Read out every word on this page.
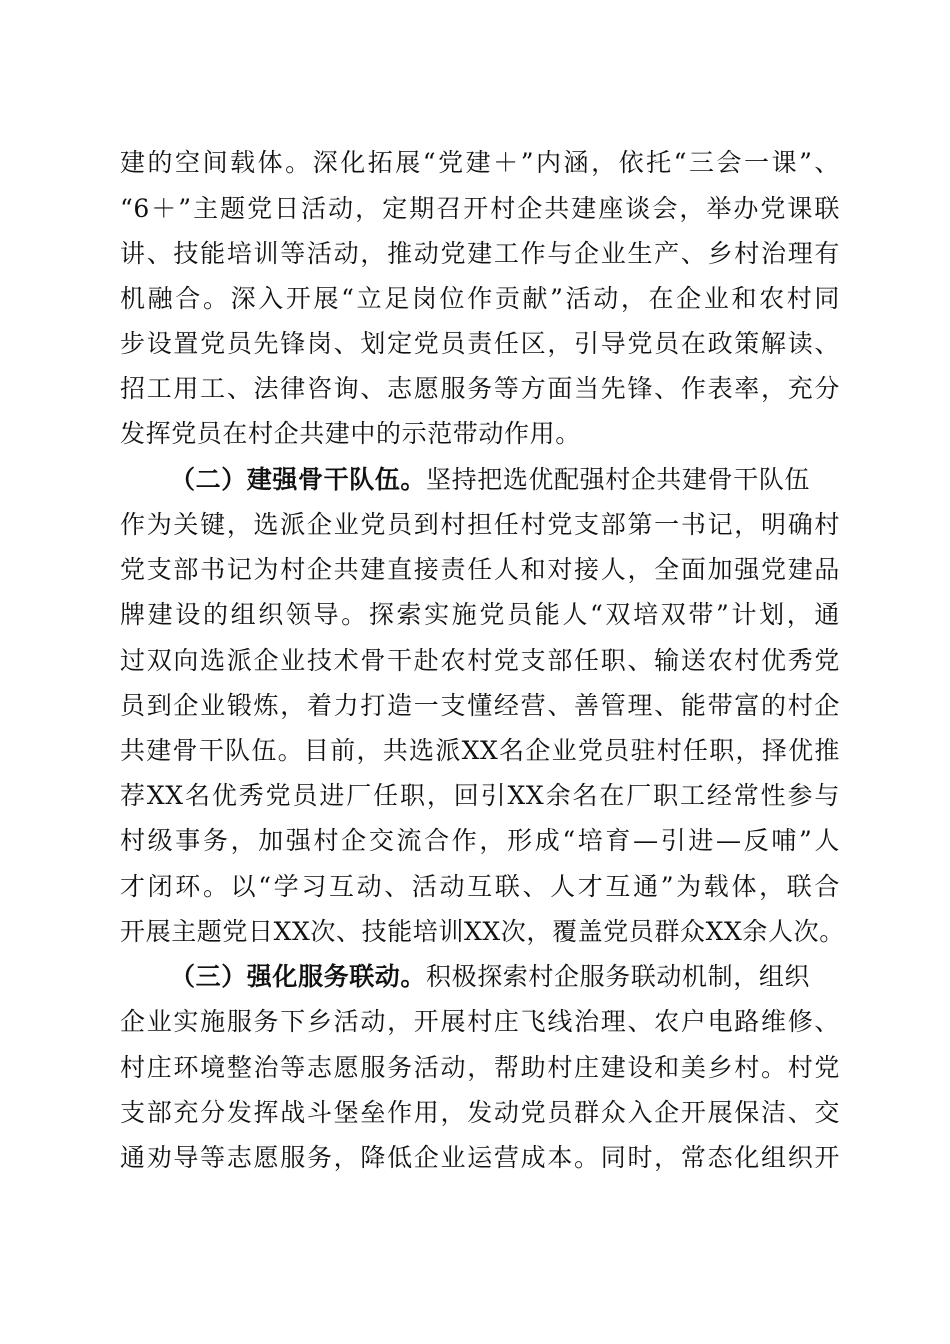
建的空间载体。深化拓展“党建＋”内涵，依托“三会一课”、
“6＋”主题党日活动，定期召开村企共建座谈会，举办党课联
讲、技能培训等活动，推动党建工作与企业生产、乡村治理有
机融合。深入开展“立足岗位作贡献”活动，在企业和农村同
步设置党员先锋岗、划定党员责任区，引导党员在政策解读、
招工用工、法律咨询、志愿服务等方面当先锋、作表率，充分
发挥党员在村企共建中的示范带动作用。
（二）建强骨干队伍。坚持把选优配强村企共建骨干队伍
作为关键，选派企业党员到村担任村党支部第一书记，明确村
党支部书记为村企共建直接责任人和对接人，全面加强党建品
牌建设的组织领导。探索实施党员能人“双培双带”计划，通
过双向选派企业技术骨干赴农村党支部任职、输送农村优秀党
员到企业锻炼，着力打造一支懂经营、善管理、能带富的村企
共建骨干队伍。目前，共选派XX名企业党员驻村任职，择优推
荐XX名优秀党员进厂任职，回引XX余名在厂职工经常性参与
村级事务，加强村企交流合作，形成“培育—引进—反哺”人
才闭环。以“学习互动、活动互联、人才互通”为载体，联合
开展主题党日XX次、技能培训XX次，覆盖党员群众XX余人次。
（三）强化服务联动。积极探索村企服务联动机制，组织
企业实施服务下乡活动，开展村庄飞线治理、农户电路维修、
村庄环境整治等志愿服务活动，帮助村庄建设和美乡村。村党
支部充分发挥战斗堡垒作用，发动党员群众入企开展保洁、交
通劝导等志愿服务，降低企业运营成本。同时，常态化组织开
